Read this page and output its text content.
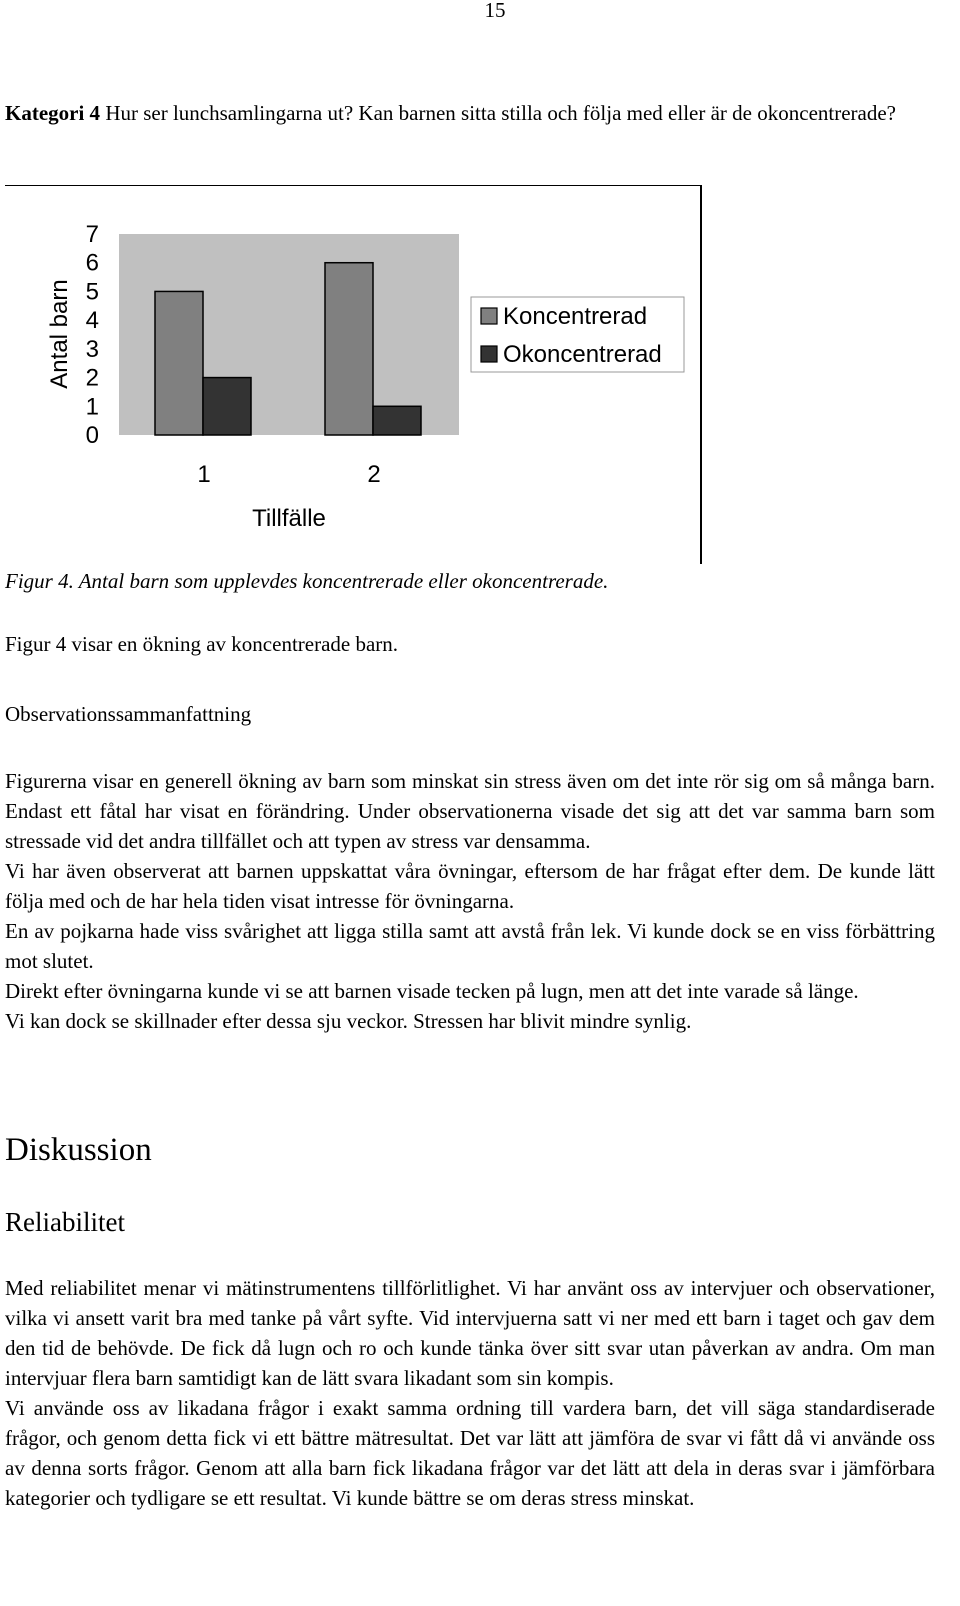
15
Kategori 4 Hur ser lunchsamlingarna ut? Kan barnen sitta stilla och följa med eller är de okoncentrerade?
0
1
2
3
4
5
6
7
1	2
Antal barn
Tillfälle
Koncentrerad
Okoncentrerad
Figur 4. Antal barn som upplevdes koncentrerade eller okoncentrerade.
Figur 4 visar en ökning av koncentrerade barn.
Observationssammanfattning

Figurerna visar en generell ökning av barn som minskat sin stress även om det inte rör sig om så många barn. Endast ett fåtal har visat en förändring. Under observationerna visade det sig att det var samma barn som stressade vid det andra tillfället och att typen av stress var densamma.

Vi har även observerat att barnen uppskattat våra övningar, eftersom de har frågat efter dem. De kunde lätt följa med och de har hela tiden visat intresse för övningarna.

En av pojkarna hade viss svårighet att ligga stilla samt att avstå från lek. Vi kunde dock se en viss förbättring mot slutet.

Direkt efter övningarna kunde vi se att barnen visade tecken på lugn, men att det inte varade så länge.

Vi kan dock se skillnader efter dessa sju veckor. Stressen har blivit mindre synlig.

Diskussion
Reliabilitet

Med reliabilitet menar vi mätinstrumentens tillförlitlighet. Vi har använt oss av intervjuer och observationer, vilka vi ansett varit bra med tanke på vårt syfte. Vid intervjuerna satt vi ner med ett barn i taget och gav dem den tid de behövde. De fick då lugn och ro och kunde tänka över sitt svar utan påverkan av andra. Om man intervjuar flera barn samtidigt kan de lätt svara likadant som sin kompis.

Vi använde oss av likadana frågor i exakt samma ordning till vardera barn, det vill säga standardiserade frågor, och genom detta fick vi ett bättre mätresultat. Det var lätt att jämföra de svar vi fått då vi använde oss av denna sorts frågor. Genom att alla barn fick likadana frågor var det lätt att dela in deras svar i jämförbara kategorier och tydligare se ett resultat. Vi kunde bättre se om deras stress minskat.
